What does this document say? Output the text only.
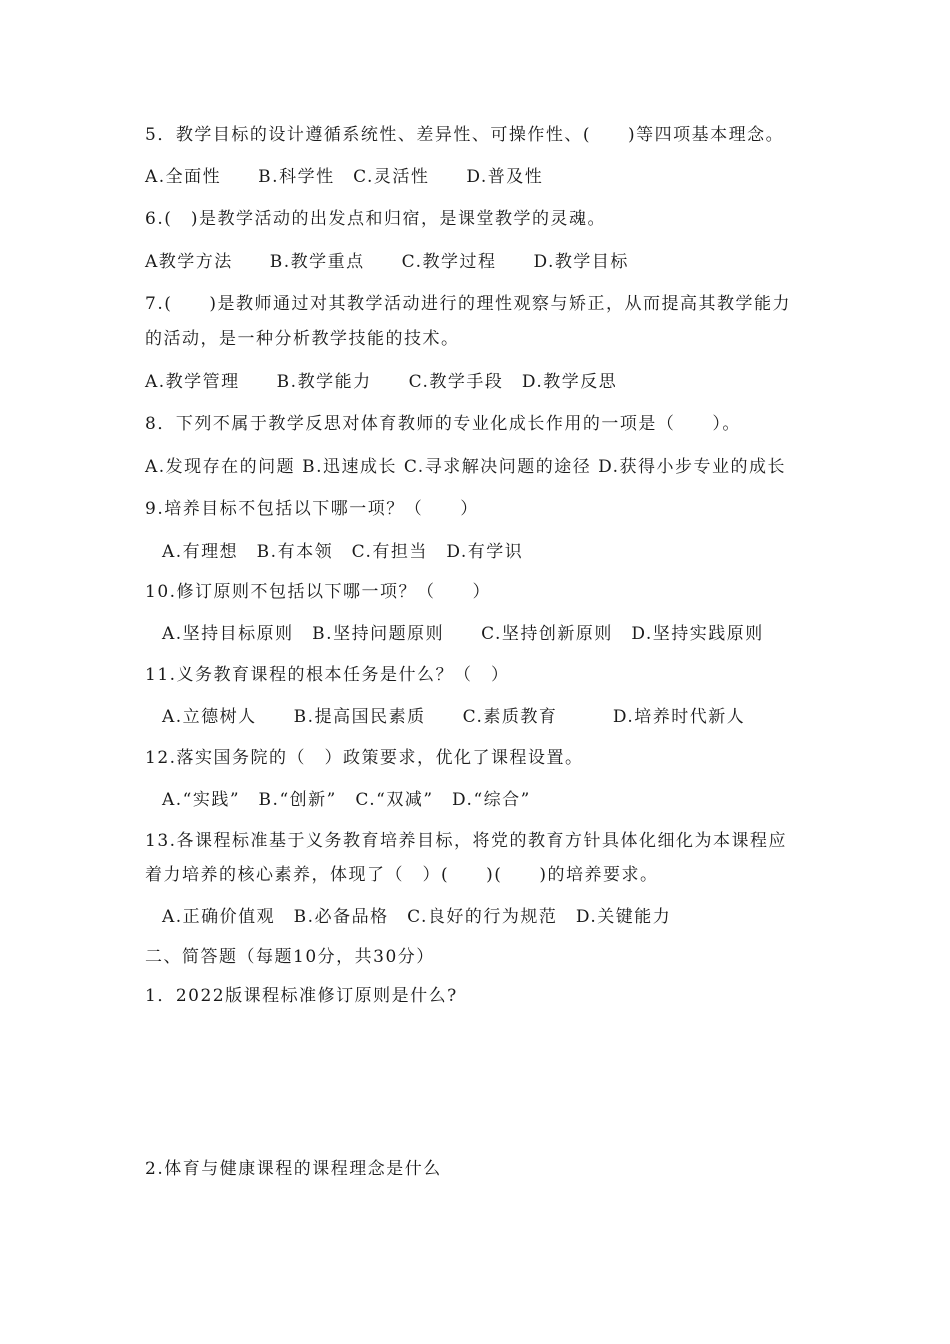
5．教学目标的设计遵循系统性、差异性、可操作性、(　　)等四项基本理念。
A.全面性　　B.科学性　C.灵活性　　D.普及性
6.(　)是教学活动的出发点和归宿，是课堂教学的灵魂。
A教学方法　　B.教学重点　　C.教学过程　　D.教学目标
7.(　　)是教师通过对其教学活动进行的理性观察与矫正，从而提高其教学能力
的活动，是一种分析教学技能的技术。
A.教学管理　　B.教学能力　　C.教学手段　D.教学反思
8．下列不属于教学反思对体育教师的专业化成长作用的一项是（　　）。
A.发现存在的问题 B.迅速成长 C.寻求解决问题的途径 D.获得小步专业的成长
9.培养目标不包括以下哪一项？（　　）
A.有理想　B.有本领　C.有担当　D.有学识
10.修订原则不包括以下哪一项？（　　）
A.坚持目标原则　B.坚持问题原则　　C.坚持创新原则　D.坚持实践原则
11.义务教育课程的根本任务是什么？（　）
A.立德树人　　B.提高国民素质　　C.素质教育　　　D.培养时代新人
12.落实国务院的（　）政策要求，优化了课程设置。
A.“实践”　B.“创新”　C.“双减”　D.“综合”
13.各课程标准基于义务教育培养目标，将党的教育方针具体化细化为本课程应
着力培养的核心素养，体现了（　）(　　)(　　)的培养要求。
A.正确价值观　B.必备品格　C.良好的行为规范　D.关键能力
二、简答题（每题10分，共30分）
1．2022版课程标准修订原则是什么?
2.体育与健康课程的课程理念是什么
